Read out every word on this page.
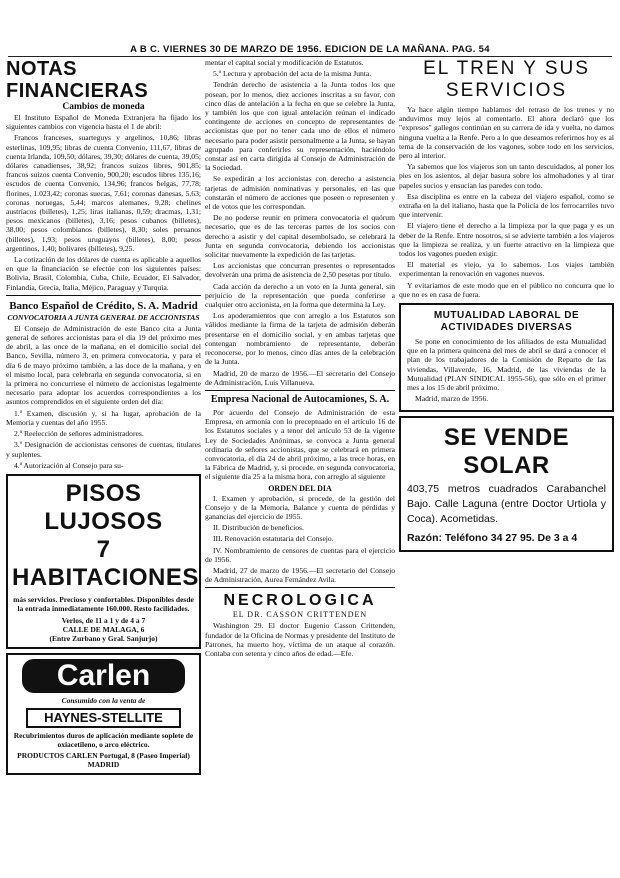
A B C. VIERNES 30 DE MARZO DE 1956. EDICION DE LA MAÑANA. PAG. 54
NOTAS FINANCIERAS
Cambios de moneda

El Instituto Español de Moneda Extranjera ha fijado los siguientes cambios con vigencia hasta el 1 de abril:

Francos franceses, suarteguys y argelinos, 10,86; libras esterlinas, 109,95; libras de cuenta Convenio, 111,67, libras de cuenta Irlanda, 109,50; dólares, 39,30; dólares de cuenta, 39,05; dólares canadienses, 38,92; francos suizos libres, 901,85; francos suizos cuenta Convenio, 900,20; escudos libres 135,16; escudos de cuenta Convenio, 134,96; francos belgas, 77,78; florines, 1.023,42; coronas suecas, 7,61; coronas danesas, 5,63; coronas noruegas, 5,44; marcos alemanes, 9,28; chelines austríacos (billetes), 1,25; liras italianas, 0,59; dracmas, 1,31; pesos mexicanos (billetes), 3,16; pesos cubanos (billetes), 38,00; pesos colombianos (billetes), 8,30; soles peruanos (billetes), 1,93; pesos uruguayos (billetes), 8,00; pesos argentinos, 1,40; bolívares (billetes), 9,25.

La cotización de los dólares de cuenta es aplicable a aquellos en que la financiación se efectúe con los siguientes países: Bolivia, Brasil, Colombia, Cuba, Chile, Ecuador, El Salvador, Finlandia, Grecia, Italia, Méjico, Paraguay y Turquía.

Banco Español de Crédito, S. A. Madrid
CONVOCATORIA A JUNTA GENERAL DE ACCIONISTAS

El Consejo de Administración de este Banco cita a Junta general de señores accionistas para el día 19 del próximo mes de abril, a las once de la mañana, en el domicilio social del Banco, Sevilla, número 3, en primera convocatoria, y para el día 6 de mayo próximo también, a las doce de la mañana, y en el mismo local, para celebrarla en segunda convocatoria, si en la primera no concurriese el número de accionistas legalmente necesario para adoptar los acuerdos correspondientes a los asuntos comprendidos en el siguiente orden del día:

1.º Examen, discusión y, si ha lugar, aprobación de la Memoria y cuentas del año 1955.

2.º Reelección de señores administradores.

3.º Designación de accionistas censores de cuentas, titulares y suplentes.

4.º Autorización al Consejo para su-

PISOS LUJOSOS
7 HABITACIONES
más servicios. Precioso y confortables. Disponibles desde la entrada inmediatamente 160.000. Resto facilidades.
Verlos, de 11 a 1 y de 4 a 7
CALLE DE MALAGA, 6
(Entre Zurbano y Gral. Sanjurjo)
Carlen
Consumido con la venta de
HAYNES-STELLITE
Recubrimientos duros de aplicación mediante soplete de oxiacetileno, o arco eléctrico.
PRODUCTOS CARLEN Portugal, 8 (Paseo Imperial) MADRID

mentar el capital social y modificación de Estatutos.

5.º Lectura y aprobación del acta de la misma Junta.

Tendrán derecho de asistencia a la Junta todos los que posean, por lo menos, diez acciones inscritas a su favor, con cinco días de antelación a la fecha en que se celebre la Junta, y también los que con igual antelación reúnan el indicado contingente de acciones en concepto de representantes de accionistas que por no tener cada uno de ellos el número necesario para poder asistir personalmente a la Junta, se hayan agrupado para conferirles su representación, haciéndolo constar así en carta dirigida al Consejo de Administración de la Sociedad.

Se expedirán a los accionistas con derecho a asistencia tarjetas de admisión nominativas y personales, en las que constarán el número de acciones que poseen o representen y el de votos que les correspondan.

De no poderse reunir en primera convocatoria el quórum necesario, que es de las terceras partes de los socios con derecho a asistir y del capital desembolsado, se celebrará la Junta en segunda convocatoria, debiendo los accionistas solicitar nuevamente la expedición de las tarjetas.

Los accionistas que concurran presentes o representados devolverán una prima de asistencia de 2,50 pesetas por título.

Cada acción da derecho a un voto en la Junta general, sin perjuicio de la representación que pueda conferirse a cualquier otro accionista, en la forma que determina la Ley.

Los apoderamientos que con arreglo a los Estatutos son válidos mediante la firma de la tarjeta de admisión deberán presentarse en el domicilio social, y en ambas tarjetas que contengan nombramiento de representante, deberán reconocerse, por lo menos, cinco días antes de la celebración de la Junta.

Madrid, 20 de marzo de 1956.—El secretario del Consejo de Administración, Luis Villanueva.

Empresa Nacional de Autocamiones, S. A.

Por acuerdo del Consejo de Administración de esta Empresa, en armonía con lo preceptuado en el artículo 16 de los Estatutos sociales y a tenor del artículo 53 de la vigente Ley de Sociedades Anónimas, se convoca a Junta general ordinaria de señores accionistas, que se celebrará en primera convocatoria, el día 24 de abril próximo, a las trece horas, en la Fábrica de Madrid, y, si procede, en segunda convocatoria, el siguiente día 25 a la misma hora, con arreglo al siguiente

ORDEN DEL DIA

I. Examen y aprobación, si procede, de la gestión del Consejo y de la Memoria, Balance y cuenta de pérdidas y ganancias del ejercicio de 1955.

II. Distribución de beneficios.

III. Renovación estatutaria del Consejo.

IV. Nombramiento de censores de cuentas para el ejercicio de 1956.

Madrid, 27 de marzo de 1956.—El secretario del Consejo de Administración, Aurea Fernández Avila.

NECROLOGICA
EL DR. CASSON CRITTENDEN

Washington 29. El doctor Eugenio Casson Crittenden, fundador de la Oficina de Normas y presidente del Instituto de Patrones, ha muerto hoy, víctima de un ataque al corazón. Contaba con setenta y cinco años de edad.—Efe.

EL TREN Y SUS SERVICIOS

Ya hace algún tiempo hablamos del retraso de los trenes y no anduvimos muy lejos al comentarlo. El ahora declaró que los "expresos" gallegos continúan en su carrera de ida y vuelta, no damos ninguna vuelta a la Renfe. Pero a lo que deseamos referirnos hoy es al tema de la conservación de los vagones, sobre todo en los servicios, pero al interior.

Ya sabemos que los viajeros son un tanto descuidados, al poner los pies en los asientos, al dejar basura sobre los almohadones y al tirar papeles sucios y ensucian las paredes con todo.

Esa disciplina es entre en la cabeza del viajero español, como se extraña en la del italiano, hasta que la Policía de los ferrocarriles tuvo que intervenir.

El viajero tiene el derecho a la limpieza por la que paga y es un deber de la Renfe. Entre nosotros, si se advierte también a los viajeros que la limpieza se realiza, y un fuerte atractivo en la limpieza que todos los vagones pueden exigir.

El material es viejo, ya lo sabemos. Los viajes también experimentan la renovación en vagones nuevos.

Y evitaríamos de este modo que en el público no concurra que lo que no es en casa de fuera.

MUTUALIDAD LABORAL DE ACTIVIDADES DIVERSAS

Se pone en conocimiento de los afiliados de esta Mutualidad que en la primera quincena del mes de abril se dará a conocer el plan de los trabajadores de la Comisión de Reparto de las viviendas, Villaverde, 16, Madrid, de las viviendas de la Mutualidad (PLAN SINDICAL 1955-56), que sólo en el primer mes a los 15 de abril próximo.

Madrid, marzo de 1956.

SE VENDE SOLAR

403,75 metros cuadrados Carabanchel Bajo. Calle Laguna (entre Doctor Urtiola y Coca). Acometidas.

Razón: Teléfono 34 27 95. De 3 a 4
